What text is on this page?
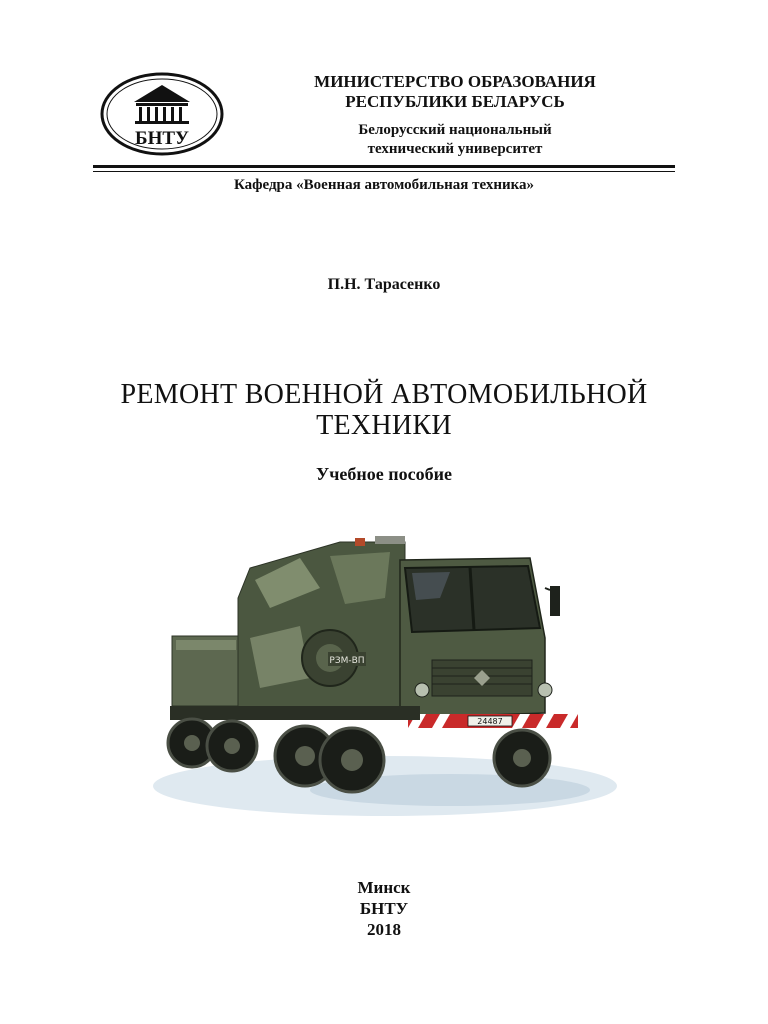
БНТУ
МИНИСТЕРСТВО ОБРАЗОВАНИЯ
РЕСПУБЛИКИ БЕЛАРУСЬ
Белорусский национальный
технический университет
Кафедра «Военная автомобильная техника»
П.Н. Тарасенко
РЕМОНТ ВОЕННОЙ АВТОМОБИЛЬНОЙ
ТЕХНИКИ
Учебное пособие
РЗМ-ВП
24487
Минск
БНТУ
2018
